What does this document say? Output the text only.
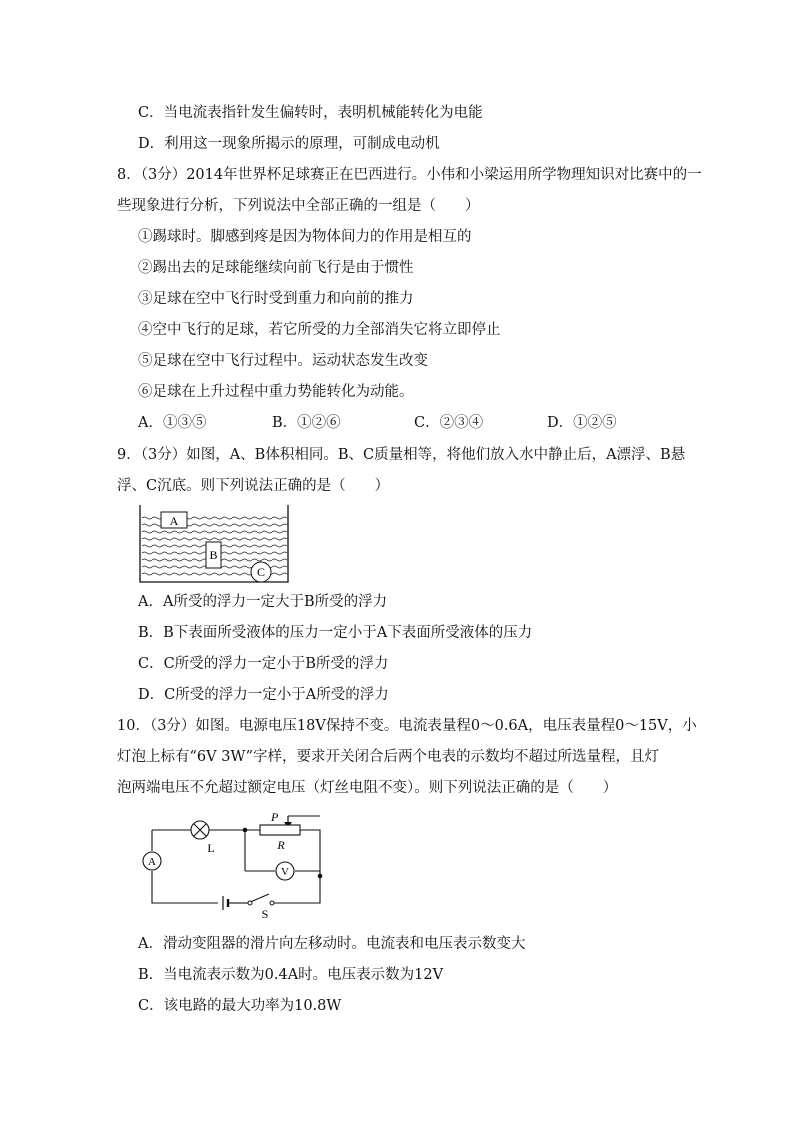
C．当电流表指针发生偏转时，表明机械能转化为电能
D．利用这一现象所揭示的原理，可制成电动机
8．（3分）2014年世界杯足球赛正在巴西进行。小伟和小梁运用所学物理知识对比赛中的一
些现象进行分析，下列说法中全部正确的一组是（　　）
①踢球时。脚感到疼是因为物体间力的作用是相互的
②踢出去的足球能继续向前飞行是由于惯性
③足球在空中飞行时受到重力和向前的推力
④空中飞行的足球，若它所受的力全部消失它将立即停止
⑤足球在空中飞行过程中。运动状态发生改变
⑥足球在上升过程中重力势能转化为动能。
A．①③⑤	B．①②⑥	C．②③④	D．①②⑤
9．（3分）如图，A、B体积相同。B、C质量相等，将他们放入水中静止后，A漂浮、B悬
浮、C沉底。则下列说法正确的是（　　）
A
B
C
A．A所受的浮力一定大于B所受的浮力
B．B下表面所受液体的压力一定小于A下表面所受液体的压力
C．C所受的浮力一定小于B所受的浮力
D．C所受的浮力一定小于A所受的浮力
10．（3分）如图。电源电压18V保持不变。电流表量程0～0.6A，电压表量程0～15V，小
灯泡上标有“6V 3W”字样，要求开关闭合后两个电表的示数均不超过所选量程，且灯
泡两端电压不允超过额定电压（灯丝电阻不变）。则下列说法正确的是（　　）
A
V
P
R
L
S
A．滑动变阻器的滑片向左移动时。电流表和电压表示数变大
B．当电流表示数为0.4A时。电压表示数为12V
C．该电路的最大功率为10.8W
